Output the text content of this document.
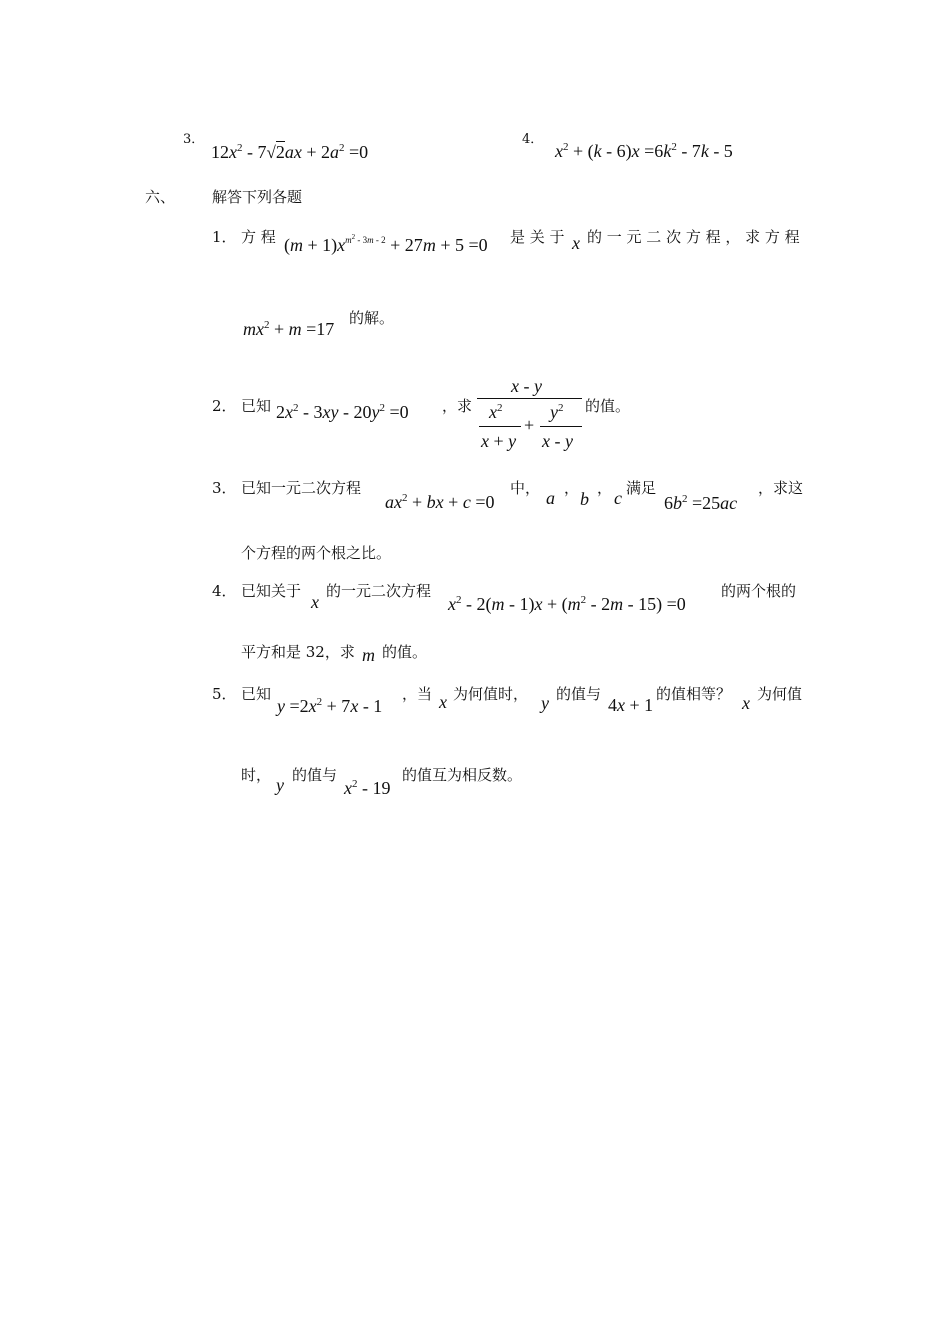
3．
$12x^2 - 7√2ax + 2a^2 =0$
4．
$x^2 + (k - 6)x =6k^2 - 7k - 5$
六、 解答下列各题
1． 方 程 $(m + 1)x^{m^2 - 3m - 2} + 27m + 5 =0$ 是 关 于 x 的 一 元 二 次 方 程 ， 求 方 程
$mx^2 + m =17$
的解。
2． 已知 $2x^2 - 3xy - 20y^2 =0$ ，求
x - y
$x^2$
x + y
+
$y^2$
x - y
的值。
3． 已知一元二次方程
$ax^2$ + bx + c =0
中， a ，
b
， c 满足
$6b^2 =25ac$
，求这
个方程的两个根之比。
4． 已知关于
x
的一元二次方程
$x^2 - 2(m - 1)x + (m^2 - 2m - 15) =0$
的两个根的
平方和是 32，求 m 的值。
5． 已知
$y =2x^2 + 7x - 1$
，当 x 为何值时， y 的值与
4x + 1
的值相等？ x 为何值
时， y 的值与
$x^2 - 19$
的值互为相反数。
